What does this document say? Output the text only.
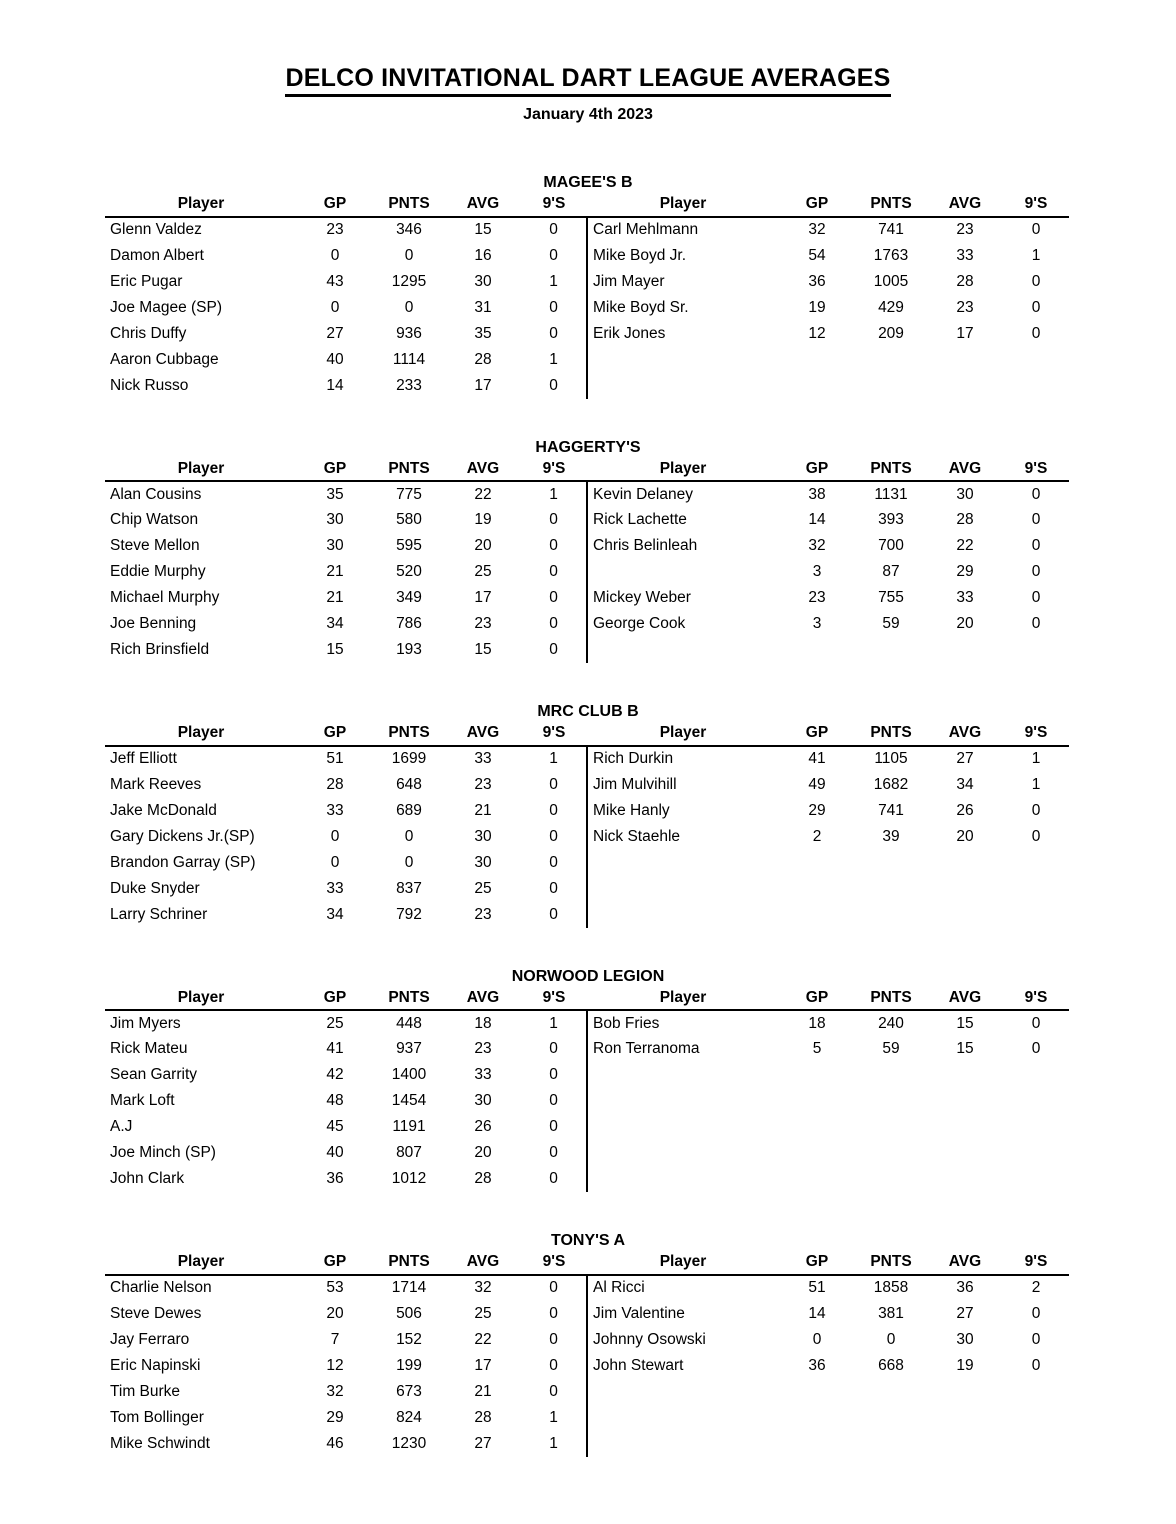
DELCO INVITATIONAL DART LEAGUE AVERAGES
January 4th 2023
MAGEE'S B
Player	GP	PNTS	AVG	9'S	Player	GP	PNTS	AVG	9'S
Glenn Valdez	23	346	15	0	Carl Mehlmann	32	741	23	0
Damon Albert	0	0	16	0	Mike Boyd Jr.	54	1763	33	1
Eric Pugar	43	1295	30	1	Jim Mayer	36	1005	28	0
Joe Magee (SP)	0	0	31	0	Mike Boyd Sr.	19	429	23	0
Chris Duffy	27	936	35	0	Erik Jones	12	209	17	0
Aaron Cubbage	40	1114	28	1					
Nick Russo	14	233	17	0					
HAGGERTY'S
Player	GP	PNTS	AVG	9'S	Player	GP	PNTS	AVG	9'S
Alan Cousins	35	775	22	1	Kevin Delaney	38	1131	30	0
Chip Watson	30	580	19	0	Rick Lachette	14	393	28	0
Steve Mellon	30	595	20	0	Chris Belinleah	32	700	22	0
Eddie Murphy	21	520	25	0		3	87	29	0
Michael Murphy	21	349	17	0	Mickey Weber	23	755	33	0
Joe Benning	34	786	23	0	George Cook	3	59	20	0
Rich Brinsfield	15	193	15	0					
MRC CLUB B
Player	GP	PNTS	AVG	9'S	Player	GP	PNTS	AVG	9'S
Jeff Elliott	51	1699	33	1	Rich Durkin	41	1105	27	1
Mark Reeves	28	648	23	0	Jim Mulvihill	49	1682	34	1
Jake McDonald	33	689	21	0	Mike Hanly	29	741	26	0
Gary Dickens Jr.(SP)	0	0	30	0	Nick Staehle	2	39	20	0
Brandon Garray (SP)	0	0	30	0					
Duke Snyder	33	837	25	0					
Larry Schriner	34	792	23	0					
NORWOOD LEGION
Player	GP	PNTS	AVG	9'S	Player	GP	PNTS	AVG	9'S
Jim Myers	25	448	18	1	Bob Fries	18	240	15	0
Rick Mateu	41	937	23	0	Ron Terranoma	5	59	15	0
Sean Garrity	42	1400	33	0					
Mark Loft	48	1454	30	0					
A.J	45	1191	26	0					
Joe Minch (SP)	40	807	20	0					
John Clark	36	1012	28	0					
TONY'S A
Player	GP	PNTS	AVG	9'S	Player	GP	PNTS	AVG	9'S
Charlie Nelson	53	1714	32	0	Al Ricci	51	1858	36	2
Steve Dewes	20	506	25	0	Jim Valentine	14	381	27	0
Jay Ferraro	7	152	22	0	Johnny Osowski	0	0	30	0
Eric Napinski	12	199	17	0	John Stewart	36	668	19	0
Tim Burke	32	673	21	0					
Tom Bollinger	29	824	28	1					
Mike Schwindt	46	1230	27	1					
